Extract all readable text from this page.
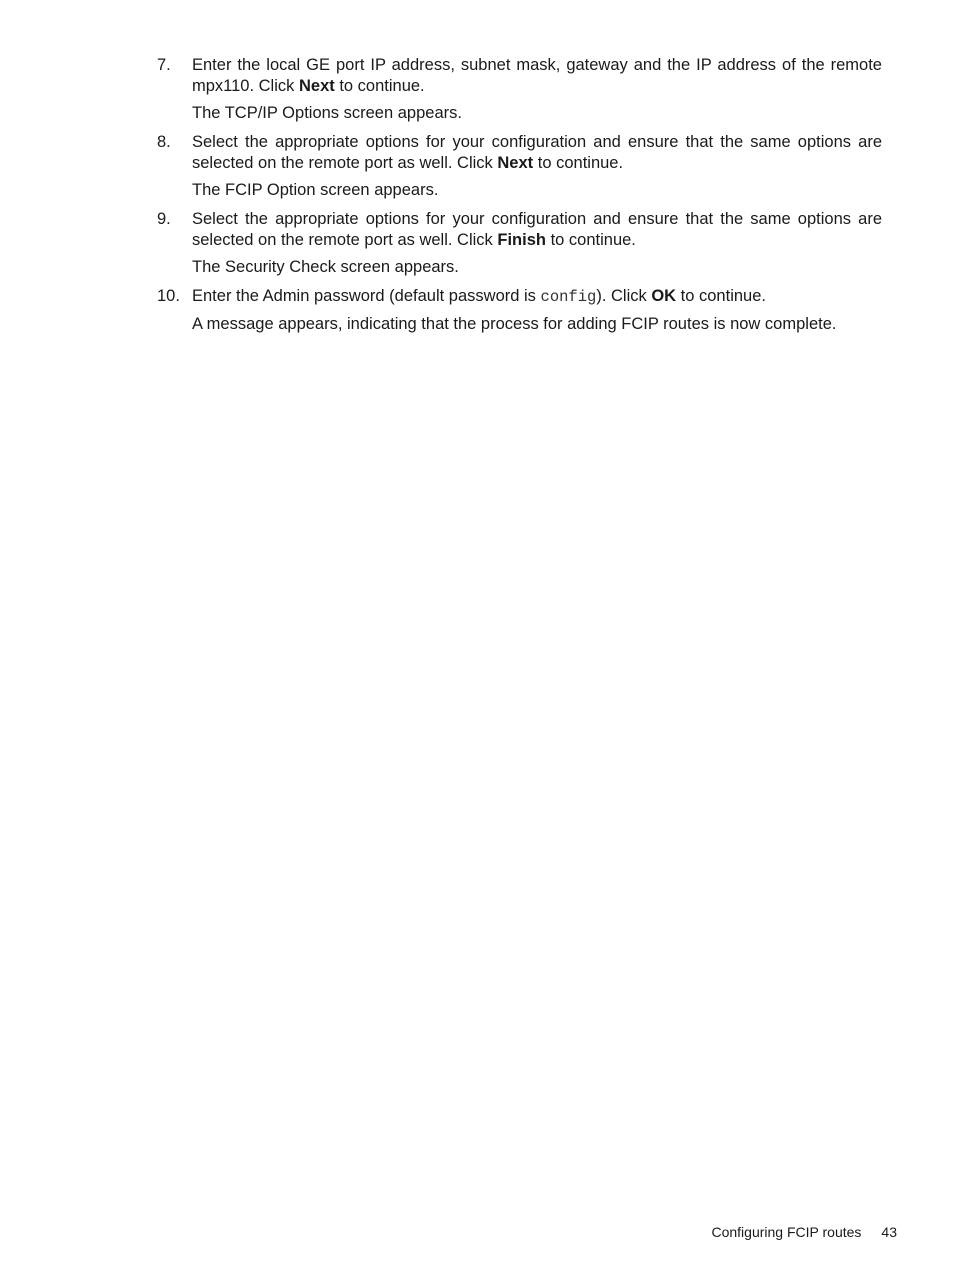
7. Enter the local GE port IP address, subnet mask, gateway and the IP address of the remote mpx110. Click Next to continue.

The TCP/IP Options screen appears.

8. Select the appropriate options for your configuration and ensure that the same options are selected on the remote port as well. Click Next to continue.

The FCIP Option screen appears.

9. Select the appropriate options for your configuration and ensure that the same options are selected on the remote port as well. Click Finish to continue.

The Security Check screen appears.

10. Enter the Admin password (default password is config). Click OK to continue.

A message appears, indicating that the process for adding FCIP routes is now complete.

Configuring FCIP routes 43
